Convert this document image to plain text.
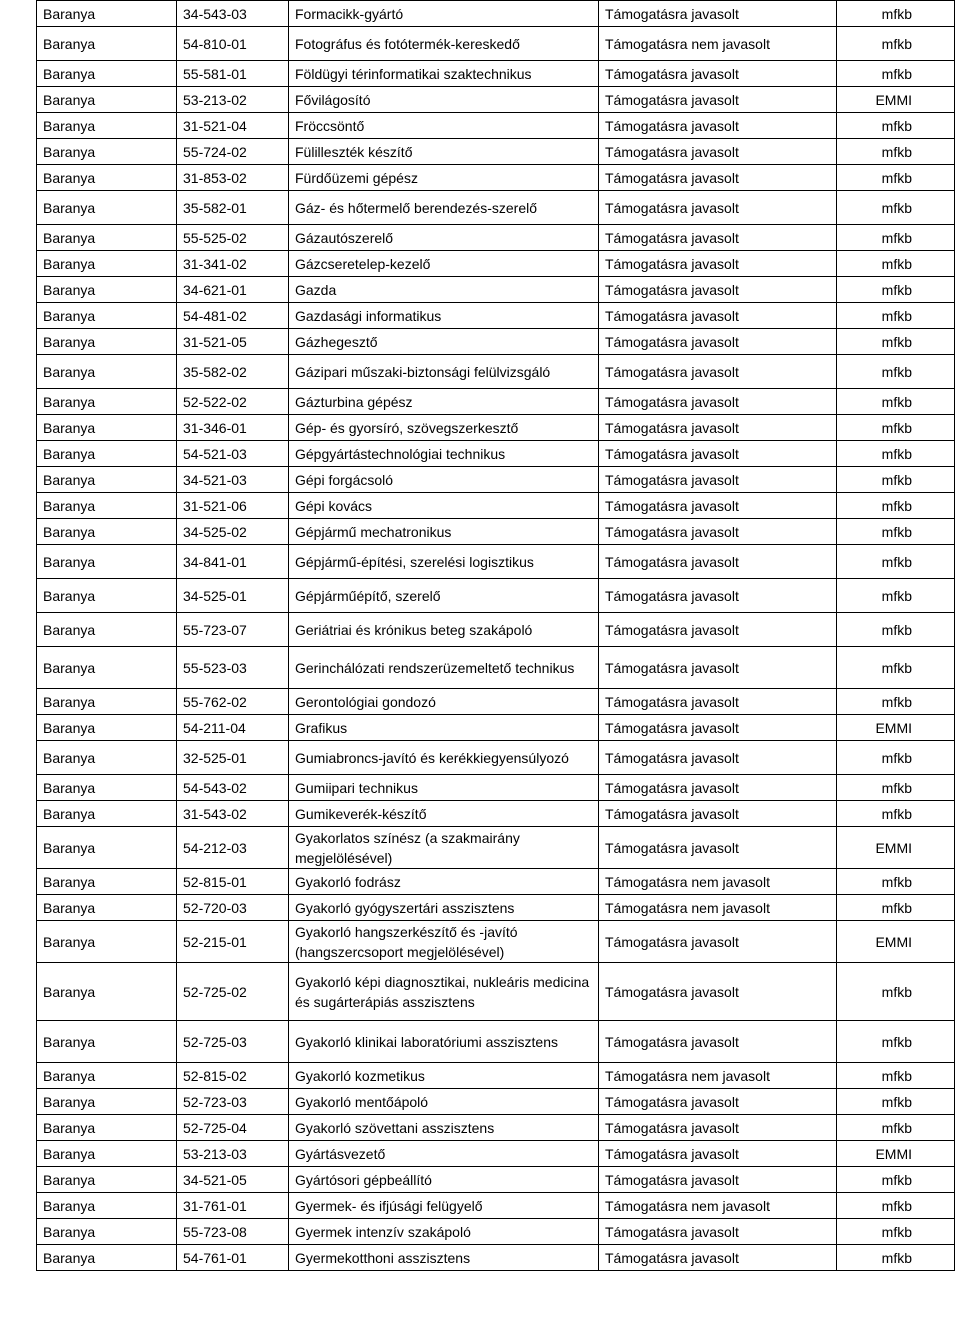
Baranya	34-543-03	Formacikk-gyártó	Támogatásra javasolt	mfkb
Baranya	54-810-01	Fotográfus és fotótermék-kereskedő	Támogatásra nem javasolt	mfkb
Baranya	55-581-01	Földügyi térinformatikai szaktechnikus	Támogatásra javasolt	mfkb
Baranya	53-213-02	Fővilágosító	Támogatásra javasolt	EMMI
Baranya	31-521-04	Fröccsöntő	Támogatásra javasolt	mfkb
Baranya	55-724-02	Fülilleszték készítő	Támogatásra javasolt	mfkb
Baranya	31-853-02	Fürdőüzemi gépész	Támogatásra javasolt	mfkb
Baranya	35-582-01	Gáz- és hőtermelő berendezés-szerelő	Támogatásra javasolt	mfkb
Baranya	55-525-02	Gázautószerelő	Támogatásra javasolt	mfkb
Baranya	31-341-02	Gázcseretelep-kezelő	Támogatásra javasolt	mfkb
Baranya	34-621-01	Gazda	Támogatásra javasolt	mfkb
Baranya	54-481-02	Gazdasági informatikus	Támogatásra javasolt	mfkb
Baranya	31-521-05	Gázhegesztő	Támogatásra javasolt	mfkb
Baranya	35-582-02	Gázipari műszaki-biztonsági felülvizsgáló	Támogatásra javasolt	mfkb
Baranya	52-522-02	Gázturbina gépész	Támogatásra javasolt	mfkb
Baranya	31-346-01	Gép- és gyorsíró, szövegszerkesztő	Támogatásra javasolt	mfkb
Baranya	54-521-03	Gépgyártástechnológiai technikus	Támogatásra javasolt	mfkb
Baranya	34-521-03	Gépi forgácsoló	Támogatásra javasolt	mfkb
Baranya	31-521-06	Gépi kovács	Támogatásra javasolt	mfkb
Baranya	34-525-02	Gépjármű mechatronikus	Támogatásra javasolt	mfkb
Baranya	34-841-01	Gépjármű-építési, szerelési logisztikus	Támogatásra javasolt	mfkb
Baranya	34-525-01	Gépjárműépítő, szerelő	Támogatásra javasolt	mfkb
Baranya	55-723-07	Geriátriai és krónikus beteg szakápoló	Támogatásra javasolt	mfkb
Baranya	55-523-03	Gerinchálózati rendszerüzemeltető technikus	Támogatásra javasolt	mfkb
Baranya	55-762-02	Gerontológiai gondozó	Támogatásra javasolt	mfkb
Baranya	54-211-04	Grafikus	Támogatásra javasolt	EMMI
Baranya	32-525-01	Gumiabroncs-javító és kerékkiegyensúlyozó	Támogatásra javasolt	mfkb
Baranya	54-543-02	Gumiipari technikus	Támogatásra javasolt	mfkb
Baranya	31-543-02	Gumikeverék-készítő	Támogatásra javasolt	mfkb
Baranya	54-212-03	Gyakorlatos színész (a szakmairány megjelölésével)	Támogatásra javasolt	EMMI
Baranya	52-815-01	Gyakorló fodrász	Támogatásra nem javasolt	mfkb
Baranya	52-720-03	Gyakorló gyógyszertári asszisztens	Támogatásra nem javasolt	mfkb
Baranya	52-215-01	Gyakorló hangszerkészítő és -javító (hangszercsoport megjelölésével)	Támogatásra javasolt	EMMI
Baranya	52-725-02	Gyakorló képi diagnosztikai, nukleáris medicina és sugárterápiás asszisztens	Támogatásra javasolt	mfkb
Baranya	52-725-03	Gyakorló klinikai laboratóriumi asszisztens	Támogatásra javasolt	mfkb
Baranya	52-815-02	Gyakorló kozmetikus	Támogatásra nem javasolt	mfkb
Baranya	52-723-03	Gyakorló mentőápoló	Támogatásra javasolt	mfkb
Baranya	52-725-04	Gyakorló szövettani asszisztens	Támogatásra javasolt	mfkb
Baranya	53-213-03	Gyártásvezető	Támogatásra javasolt	EMMI
Baranya	34-521-05	Gyártósori gépbeállító	Támogatásra javasolt	mfkb
Baranya	31-761-01	Gyermek- és ifjúsági felügyelő	Támogatásra nem javasolt	mfkb
Baranya	55-723-08	Gyermek intenzív szakápoló	Támogatásra javasolt	mfkb
Baranya	54-761-01	Gyermekotthoni asszisztens	Támogatásra javasolt	mfkb
